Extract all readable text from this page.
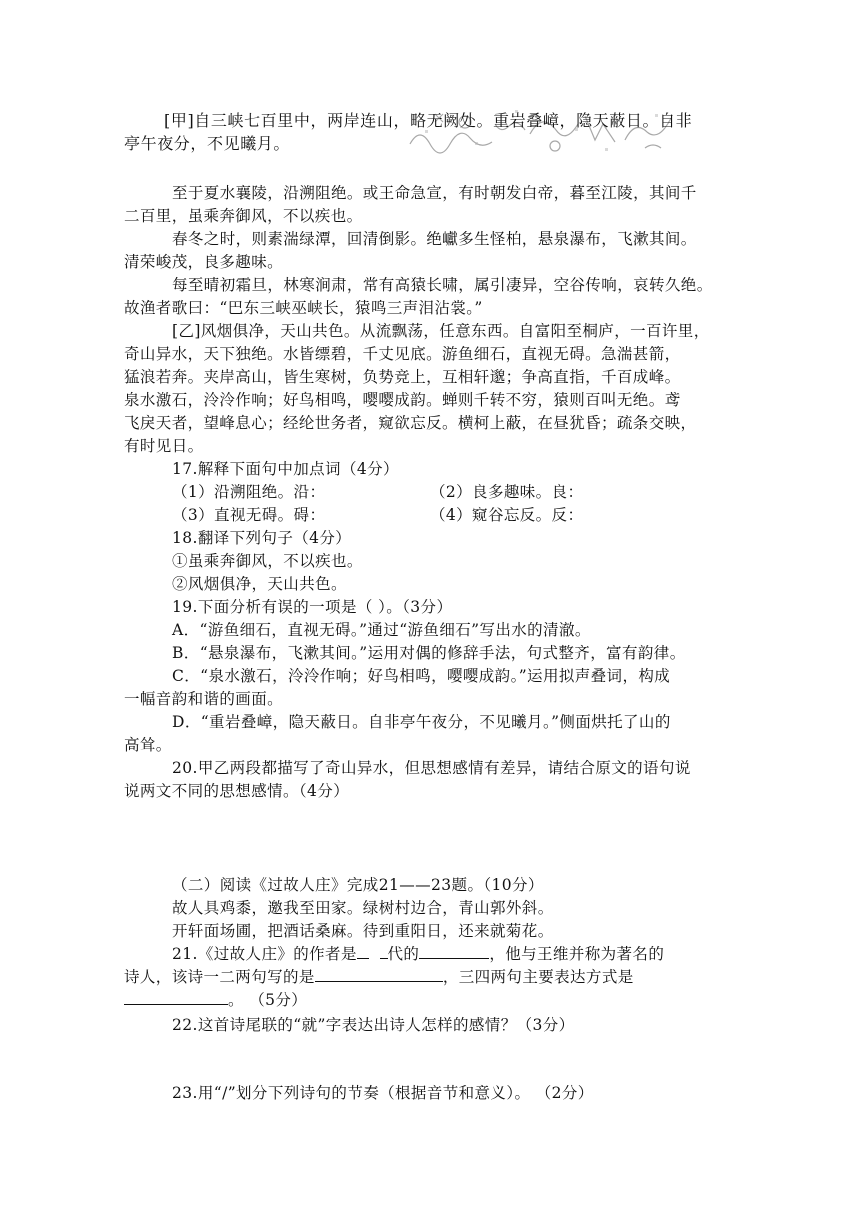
[甲]自三峡七百里中，两岸连山，略无阙处。重岩叠嶂，隐天蔽日。自非
亭午夜分，不见曦月。
至于夏水襄陵，沿溯阻绝。或王命急宣，有时朝发白帝，暮至江陵，其间千
二百里，虽乘奔御风，不以疾也。
春冬之时，则素湍绿潭，回清倒影。绝巘多生怪柏，悬泉瀑布，飞漱其间。
清荣峻茂，良多趣味。
每至晴初霜旦，林寒涧肃，常有高猿长啸，属引凄异，空谷传响，哀转久绝。
故渔者歌曰：“巴东三峡巫峡长，猿鸣三声泪沾裳。”
[乙]风烟俱净，天山共色。从流飘荡，任意东西。自富阳至桐庐，一百许里，
奇山异水，天下独绝。水皆缥碧，千丈见底。游鱼细石，直视无碍。急湍甚箭，
猛浪若奔。夹岸高山，皆生寒树，负势竞上，互相轩邈；争高直指，千百成峰。
泉水激石，泠泠作响；好鸟相鸣，嘤嘤成韵。蝉则千转不穷，猿则百叫无绝。鸢
飞戾天者，望峰息心；经纶世务者，窥欲忘反。横柯上蔽，在昼犹昏；疏条交映，
有时见日。
17.解释下面句中加点词（4分）
（1）沿溯阻绝。沿：	（2）良多趣味。良：
（3）直视无碍。碍：	（4）窥谷忘反。反：
18.翻译下列句子（4分）
①虽乘奔御风，不以疾也。
②风烟俱净，天山共色。
19.下面分析有误的一项是（ ）。（3分）
A．“游鱼细石，直视无碍。”通过“游鱼细石”写出水的清澈。
B．“悬泉瀑布，飞漱其间。”运用对偶的修辞手法，句式整齐，富有韵律。
C．“泉水激石，泠泠作响；好鸟相鸣，嘤嘤成韵。”运用拟声叠词，构成
一幅音韵和谐的画面。
D．“重岩叠嶂，隐天蔽日。自非亭午夜分，不见曦月。”侧面烘托了山的
高耸。
20.甲乙两段都描写了奇山异水，但思想感情有差异，请结合原文的语句说
说两文不同的思想感情。（4分）
（二）阅读《过故人庄》完成21——23题。（10分）
故人具鸡黍，邀我至田家。绿树村边合，青山郭外斜。
开轩面场圃，把酒话桑麻。待到重阳日，还来就菊花。
21.《过故人庄》的作者是 代的	，他与王维并称为著名的
诗人，该诗一二两句写的是	，三四两句主要表达方式是
。 （5分）
22.这首诗尾联的“就”字表达出诗人怎样的感情？（3分）
23.用“/”划分下列诗句的节奏（根据音节和意义）。 （2分）
